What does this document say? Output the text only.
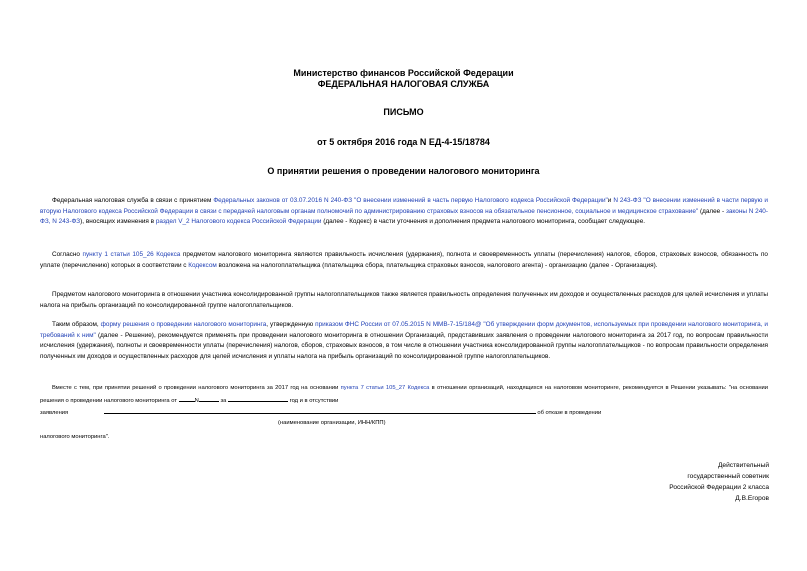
Министерство финансов Российской Федерации
ФЕДЕРАЛЬНАЯ НАЛОГОВАЯ СЛУЖБА
ПИСЬМО
от 5 октября 2016 года N ЕД-4-15/18784
О принятии решения о проведении налогового мониторинга

Федеральная налоговая служба в связи с принятием Федеральных законов от 03.07.2016 N 240-ФЗ "О внесении изменений в часть первую Налогового кодекса Российской Федерации"и N 243-ФЗ "О внесении изменений в части первую и вторую Налогового кодекса Российской Федерации в связи с передачей налоговым органам полномочий по администрированию страховых взносов на обязательное пенсионное, социальное и медицинское страхование" (далее - законы N 240-ФЗ, N 243-ФЗ), вносящих изменения в раздел V_2 Налогового кодекса Российской Федерации (далее - Кодекс) в части уточнения и дополнения предмета налогового мониторинга, сообщает следующее.

Согласно пункту 1 статьи 105_26 Кодекса предметом налогового мониторинга являются правильность исчисления (удержания), полнота и своевременность уплаты (перечисления) налогов, сборов, страховых взносов, обязанность по уплате (перечислению) которых в соответствии с Кодексом возложена на налогоплательщика (плательщика сбора, плательщика страховых взносов, налогового агента) - организацию (далее - Организация).

Предметом налогового мониторинга в отношении участника консолидированной группы налогоплательщиков также является правильность определения полученных им доходов и осуществленных расходов для целей исчисления и уплаты налога на прибыль организаций по консолидированной группе налогоплательщиков.

Таким образом, форму решения о проведении налогового мониторинга, утвержденную приказом ФНС России от 07.05.2015 N ММВ-7-15/184@ "Об утверждении форм документов, используемых при проведении налогового мониторинга, и требований к ним" (далее - Решение), рекомендуется применять при проведении налогового мониторинга в отношении Организаций, представивших заявления о проведении налогового мониторинга за 2017 год, по вопросам правильности исчисления (удержания), полноты и своевременности уплаты (перечисления) налогов, сборов, страховых взносов, в том числе в отношении участника консолидированной группы налогоплательщиков - по вопросам правильности определения полученных им доходов и осуществленных расходов для целей исчисления и уплаты налога на прибыль организаций по консолидированной группе налогоплательщиков.

Вместе с тем, при принятии решений о проведении налогового мониторинга за 2017 год на основании пункта 7 статьи 105_27 Кодекса в отношении организаций, находящихся на налоговом мониторинге, рекомендуется в Решении указывать: "на основании решения о проведении налогового мониторинга от	N	за	год и в отсутствии

заявления	об отказе в проведении

(наименование организации, ИНН/КПП)

налогового мониторинга".

Действительный
государственный советник
Российской Федерации 2 класса
Д.В.Егоров
